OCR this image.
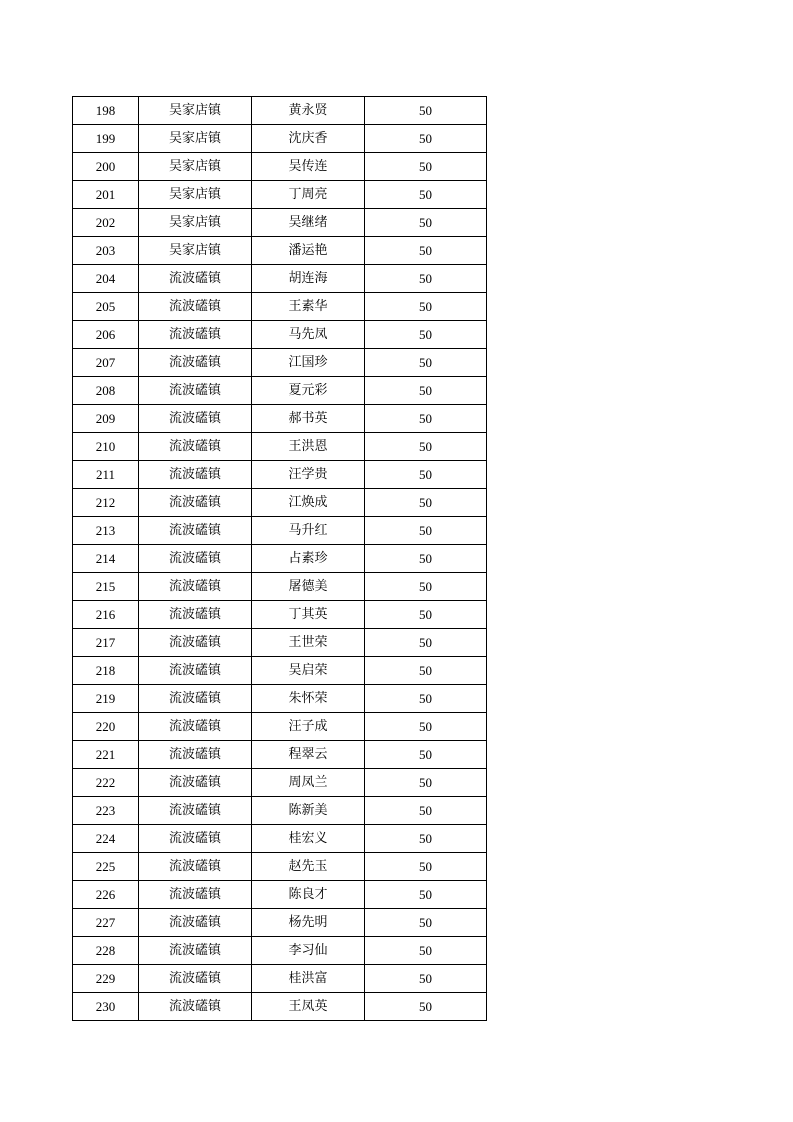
198	吴家店镇	黄永贤	50
199	吴家店镇	沈庆香	50
200	吴家店镇	吴传连	50
201	吴家店镇	丁周亮	50
202	吴家店镇	吴继绪	50
203	吴家店镇	潘运艳	50
204	流波礚镇	胡连海	50
205	流波礚镇	王素华	50
206	流波礚镇	马先凤	50
207	流波礚镇	江国珍	50
208	流波礚镇	夏元彩	50
209	流波礚镇	郝书英	50
210	流波礚镇	王洪恩	50
211	流波礚镇	汪学贵	50
212	流波礚镇	江焕成	50
213	流波礚镇	马升红	50
214	流波礚镇	占素珍	50
215	流波礚镇	屠德美	50
216	流波礚镇	丁其英	50
217	流波礚镇	王世荣	50
218	流波礚镇	吴启荣	50
219	流波礚镇	朱怀荣	50
220	流波礚镇	汪子成	50
221	流波礚镇	程翠云	50
222	流波礚镇	周凤兰	50
223	流波礚镇	陈新美	50
224	流波礚镇	桂宏义	50
225	流波礚镇	赵先玉	50
226	流波礚镇	陈良才	50
227	流波礚镇	杨先明	50
228	流波礚镇	李习仙	50
229	流波礚镇	桂洪富	50
230	流波礚镇	王凤英	50
